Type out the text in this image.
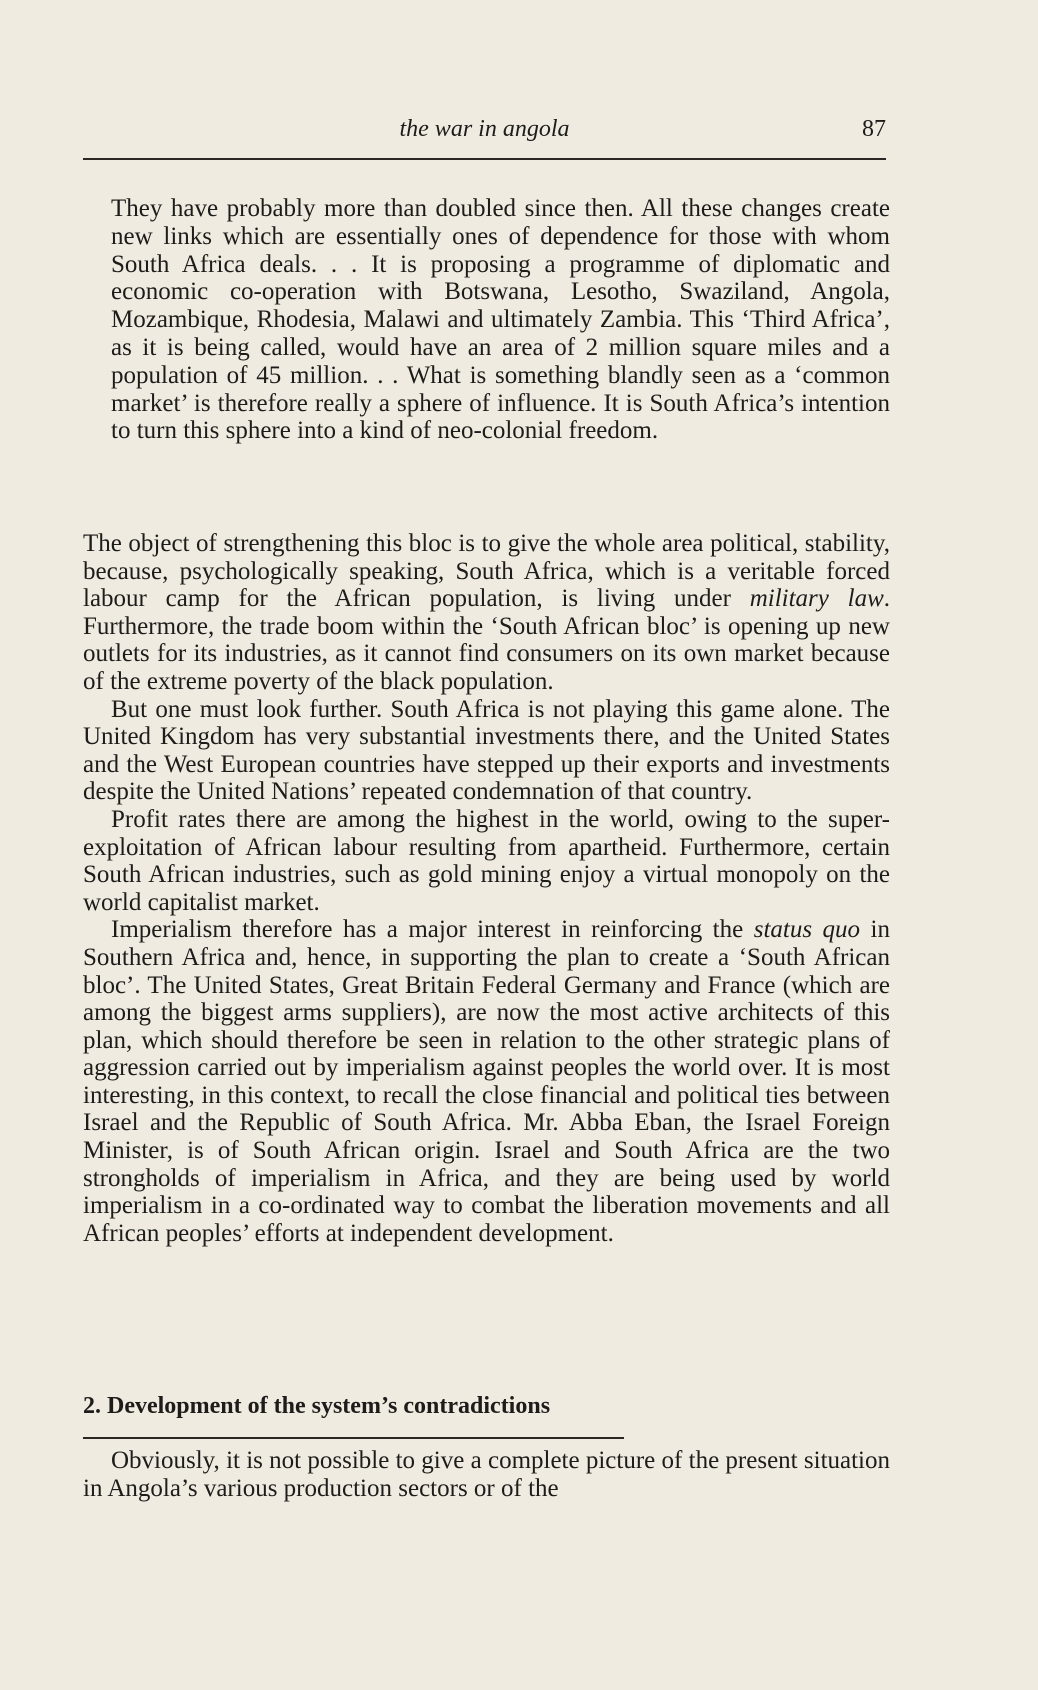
the war in angola	87

They have probably more than doubled since then. All these changes create new links which are essentially ones of dependence for those with whom South Africa deals. . . It is proposing a programme of diplomatic and economic co-operation with Botswana, Lesotho, Swaziland, Angola, Mozambique, Rhodesia, Malawi and ultimately Zambia. This ‘Third Africa’, as it is being called, would have an area of 2 million square miles and a population of 45 million. . . What is something blandly seen as a ‘common market’ is therefore really a sphere of influence. It is South Africa’s intention to turn this sphere into a kind of neo-colonial freedom.

The object of strengthening this bloc is to give the whole area political, stability, because, psychologically speaking, South Africa, which is a veritable forced labour camp for the African population, is living under military law. Furthermore, the trade boom within the ‘South African bloc’ is opening up new outlets for its industries, as it cannot find consumers on its own market because of the extreme poverty of the black population.

But one must look further. South Africa is not playing this game alone. The United Kingdom has very substantial investments there, and the United States and the West European countries have stepped up their exports and investments despite the United Nations’ repeated condemnation of that country.

Profit rates there are among the highest in the world, owing to the super-exploitation of African labour resulting from apartheid. Furthermore, certain South African industries, such as gold mining enjoy a virtual monopoly on the world capitalist market.

Imperialism therefore has a major interest in reinforcing the status quo in Southern Africa and, hence, in supporting the plan to create a ‘South African bloc’. The United States, Great Britain Federal Germany and France (which are among the biggest arms suppliers), are now the most active architects of this plan, which should therefore be seen in relation to the other strategic plans of aggression carried out by imperialism against peoples the world over. It is most interesting, in this context, to recall the close financial and political ties between Israel and the Republic of South Africa. Mr. Abba Eban, the Israel Foreign Minister, is of South African origin. Israel and South Africa are the two strongholds of imperialism in Africa, and they are being used by world imperialism in a co-ordinated way to combat the liberation movements and all African peoples’ efforts at independent development.

2. Development of the system’s contradictions

Obviously, it is not possible to give a complete picture of the present situation in Angola’s various production sectors or of the
